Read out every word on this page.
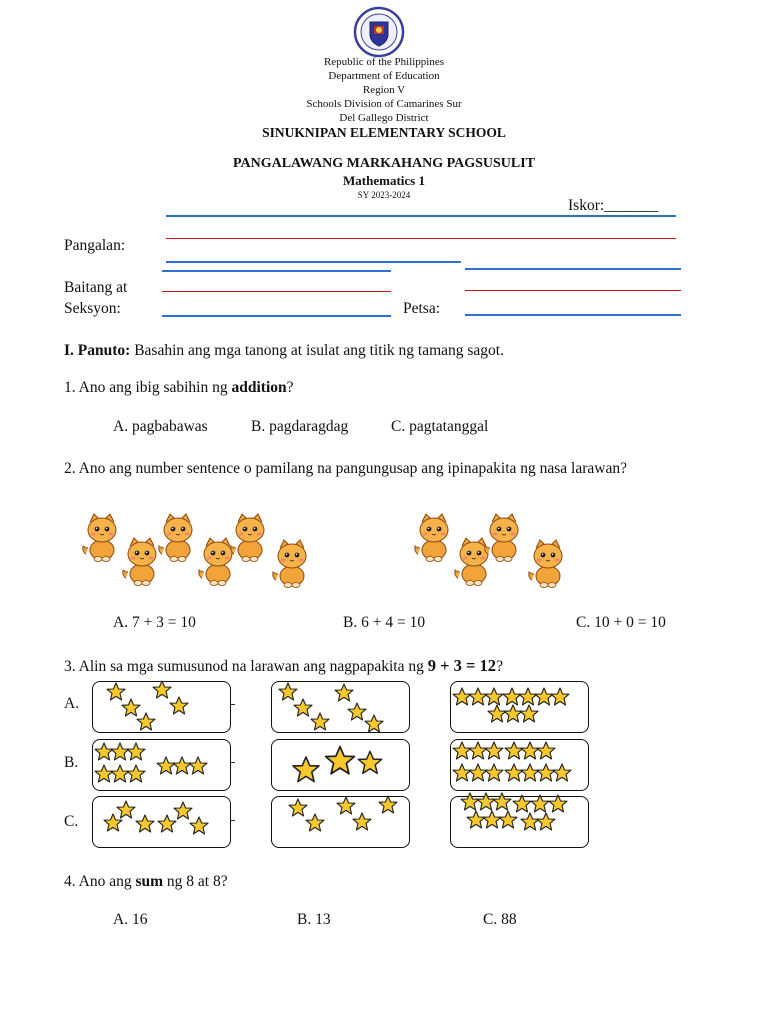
Republic of the Philippines
Department of Education
Region V
Schools Division of Camarines Sur
Del Gallego District
SINUKNIPAN ELEMENTARY SCHOOL
PANGALAWANG MARKAHANG PAGSUSULIT
Mathematics 1
SY 2023-2024
Iskor:_______
Pangalan:
Baitang at
Seksyon:	Petsa:
I. Panuto: Basahin ang mga tanong at isulat ang titik ng tamang sagot.
1. Ano ang ibig sabihin ng addition?
A. pagbabawas	B. pagdaragdag	C. pagtatanggal
2. Ano ang number sentence o pamilang na pangungusap ang ipinapakita ng nasa larawan?
A. 7 + 3 = 10	B. 6 + 4 = 10	C. 10 + 0 = 10
3. Alin sa mga sumusunod na larawan ang nagpapakita ng 9 + 3 = 12?
A.
B.
C.
4. Ano ang sum ng 8 at 8?
A. 16	B. 13	C. 88
